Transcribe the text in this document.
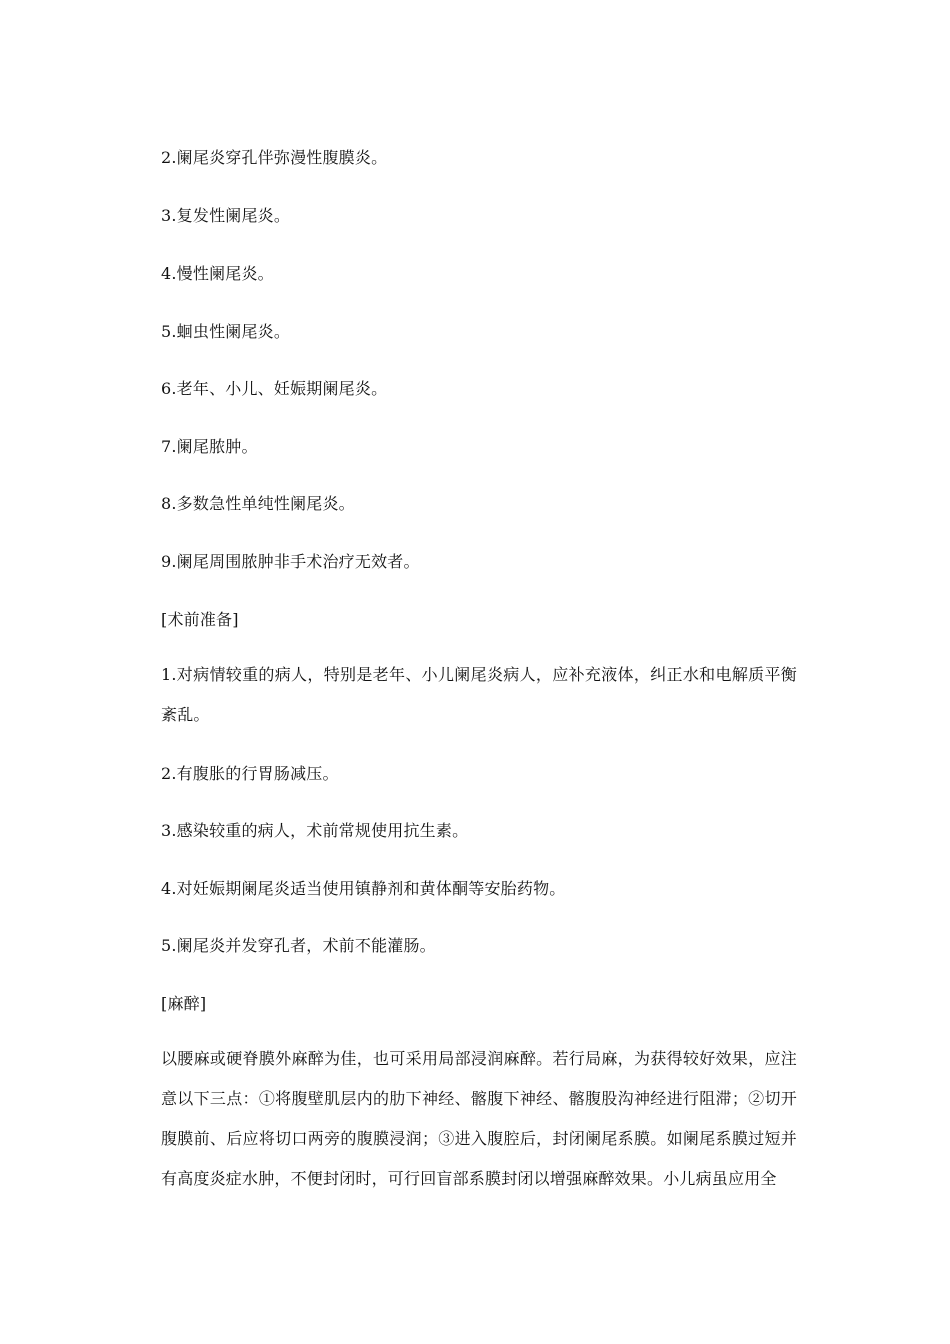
2.阑尾炎穿孔伴弥漫性腹膜炎。
3.复发性阑尾炎。
4.慢性阑尾炎。
5.蛔虫性阑尾炎。
6.老年、小儿、妊娠期阑尾炎。
7.阑尾脓肿。
8.多数急性单纯性阑尾炎。
9.阑尾周围脓肿非手术治疗无效者。
[术前准备]
1.对病情较重的病人，特别是老年、小儿阑尾炎病人，应补充液体，纠正水和电解质平衡紊乱。
2.有腹胀的行胃肠减压。
3.感染较重的病人，术前常规使用抗生素。
4.对妊娠期阑尾炎适当使用镇静剂和黄体酮等安胎药物。
5.阑尾炎并发穿孔者，术前不能灌肠。
[麻醉]
以腰麻或硬脊膜外麻醉为佳，也可采用局部浸润麻醉。若行局麻，为获得较好效果，应注意以下三点：①将腹壁肌层内的肋下神经、髂腹下神经、髂腹股沟神经进行阻滞；②切开腹膜前、后应将切口两旁的腹膜浸润；③进入腹腔后，封闭阑尾系膜。如阑尾系膜过短并有高度炎症水肿，不便封闭时，可行回盲部系膜封闭以增强麻醉效果。小儿病虽应用全
